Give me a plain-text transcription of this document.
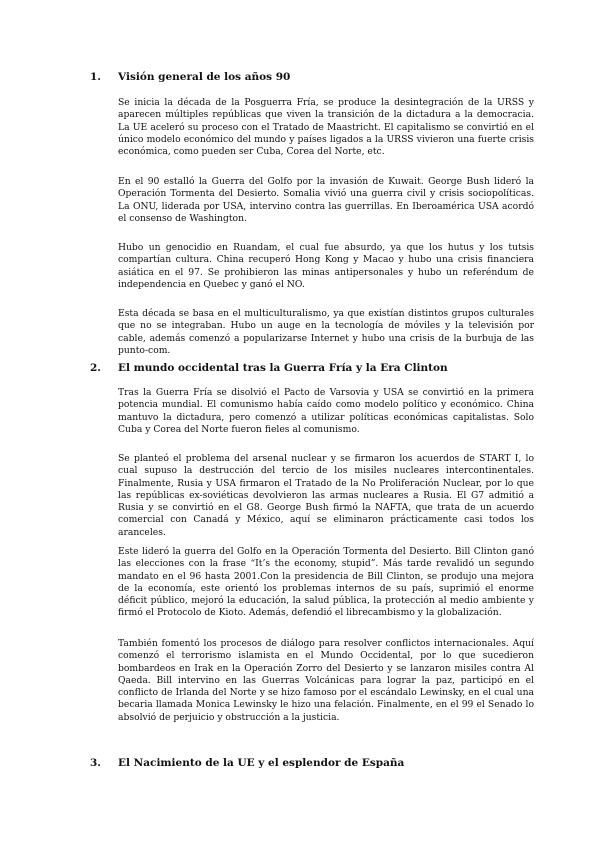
1. Visión general de los años 90

Se inicia la década de la Posguerra Fría, se produce la desintegración de la URSS y aparecen múltiples repúblicas que viven la transición de la dictadura a la democracia. La UE aceleró su proceso con el Tratado de Maastricht. El capitalismo se convirtió en el único modelo económico del mundo y países ligados a la URSS vivieron una fuerte crisis económica, como pueden ser Cuba, Corea del Norte, etc.

En el 90 estalló la Guerra del Golfo por la invasión de Kuwait. George Bush lideró la Operación Tormenta del Desierto. Somalia vivió una guerra civil y crisis sociopolíticas. La ONU, liderada por USA, intervino contra las guerrillas. En Iberoamérica USA acordó el consenso de Washington.

Hubo un genocidio en Ruandam, el cual fue absurdo, ya que los hutus y los tutsis compartían cultura. China recuperó Hong Kong y Macao y hubo una crisis financiera asiática en el 97. Se prohibieron las minas antipersonales y hubo un referéndum de independencia en Quebec y ganó el NO.

Esta década se basa en el multiculturalismo, ya que existían distintos grupos culturales que no se integraban. Hubo un auge en la tecnología de móviles y la televisión por cable, además comenzó a popularizarse Internet y hubo una crisis de la burbuja de las punto-com.

2. El mundo occidental tras la Guerra Fría y la Era Clinton

Tras la Guerra Fría se disolvió el Pacto de Varsovia y USA se convirtió en la primera potencia mundial. El comunismo había caído como modelo político y económico. China mantuvo la dictadura, pero comenzó a utilizar políticas económicas capitalistas. Solo Cuba y Corea del Norte fueron fieles al comunismo.

Se planteó el problema del arsenal nuclear y se firmaron los acuerdos de START I, lo cual supuso la destrucción del tercio de los misiles nucleares intercontinentales. Finalmente, Rusia y USA firmaron el Tratado de la No Proliferación Nuclear, por lo que las repúblicas ex-soviéticas devolvieron las armas nucleares a Rusia. El G7 admitió a Rusia y se convirtió en el G8. George Bush firmó la NAFTA, que trata de un acuerdo comercial con Canadá y México, aquí se eliminaron prácticamente casi todos los aranceles.

Este lideró la guerra del Golfo en la Operación Tormenta del Desierto. Bill Clinton ganó las elecciones con la frase “It’s the economy, stupid”. Más tarde revalidó un segundo mandato en el 96 hasta 2001.Con la presidencia de Bill Clinton, se produjo una mejora de la economía, este orientó los problemas internos de su país, suprimió el enorme déficit público, mejoró la educación, la salud pública, la protección al medio ambiente y firmó el Protocolo de Kioto. Además, defendió el librecambismo y la globalización.

También fomentó los procesos de diálogo para resolver conflictos internacionales. Aquí comenzó el terrorismo islamista en el Mundo Occidental, por lo que sucedieron bombardeos en Irak en la Operación Zorro del Desierto y se lanzaron misiles contra Al Qaeda. Bill intervino en las Guerras Volcánicas para lograr la paz, participó en el conflicto de Irlanda del Norte y se hizo famoso por el escándalo Lewinsky, en el cual una becaria llamada Monica Lewinsky le hizo una felación. Finalmente, en el 99 el Senado lo absolvió de perjuicio y obstrucción a la justicia.

3. El Nacimiento de la UE y el esplendor de España
